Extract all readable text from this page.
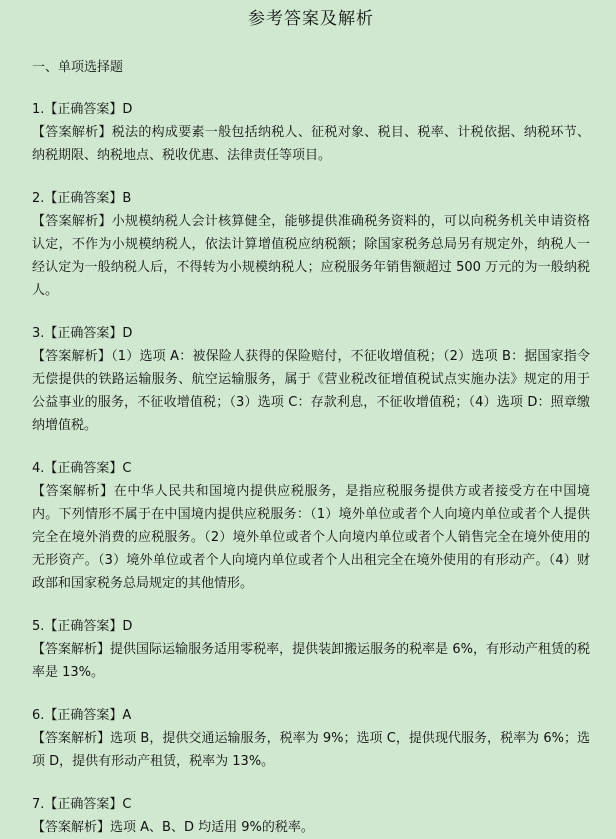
参考答案及解析
一、单项选择题
1.【正确答案】D
【答案解析】税法的构成要素一般包括纳税人、征税对象、税目、税率、计税依据、纳税环节、纳税期限、纳税地点、税收优惠、法律责任等项目。
2.【正确答案】B
【答案解析】小规模纳税人会计核算健全，能够提供准确税务资料的，可以向税务机关申请资格认定，不作为小规模纳税人，依法计算增值税应纳税额；除国家税务总局另有规定外，纳税人一经认定为一般纳税人后，不得转为小规模纳税人；应税服务年销售额超过 500 万元的为一般纳税人。
3.【正确答案】D
【答案解析】（1）选项 A：被保险人获得的保险赔付，不征收增值税；（2）选项 B：据国家指令无偿提供的铁路运输服务、航空运输服务，属于《营业税改征增值税试点实施办法》规定的用于公益事业的服务，不征收增值税；（3）选项 C：存款利息，不征收增值税；（4）选项 D：照章缴纳增值税。
4.【正确答案】C
【答案解析】在中华人民共和国境内提供应税服务，是指应税服务提供方或者接受方在中国境内。下列情形不属于在中国境内提供应税服务：（1）境外单位或者个人向境内单位或者个人提供完全在境外消费的应税服务。（2）境外单位或者个人向境内单位或者个人销售完全在境外使用的无形资产。（3）境外单位或者个人向境内单位或者个人出租完全在境外使用的有形动产。（4）财政部和国家税务总局规定的其他情形。
5.【正确答案】D
【答案解析】提供国际运输服务适用零税率，提供装卸搬运服务的税率是 6%，有形动产租赁的税率是 13%。
6.【正确答案】A
【答案解析】选项 B，提供交通运输服务，税率为 9%；选项 C，提供现代服务，税率为 6%；选项 D，提供有形动产租赁，税率为 13%。
7.【正确答案】C
【答案解析】选项 A、B、D 均适用 9%的税率。
